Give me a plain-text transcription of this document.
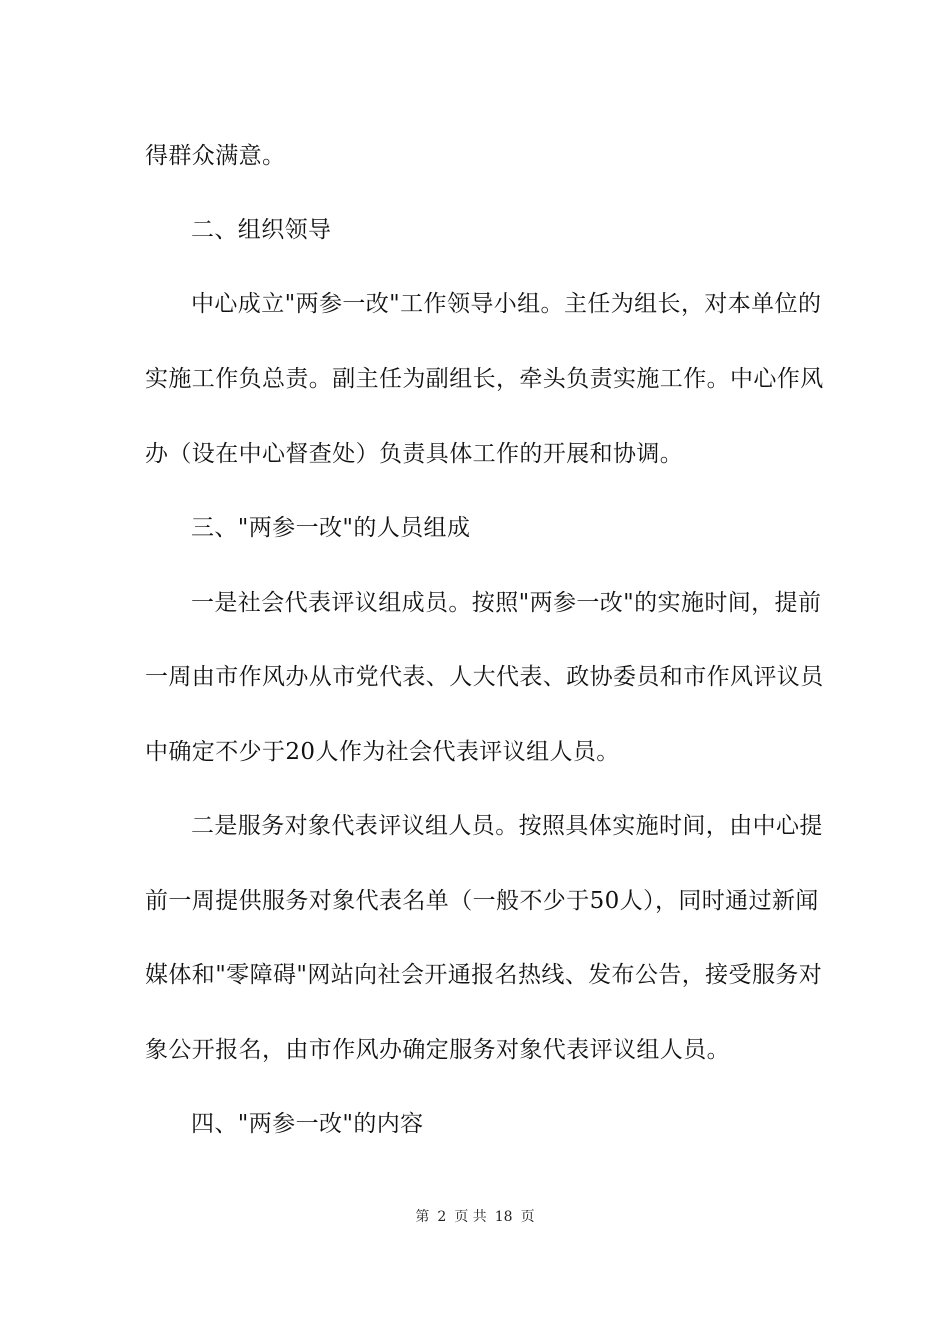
得群众满意。
二、组织领导
中心成立"两参一改"工作领导小组。主任为组长，对本单位的
实施工作负总责。副主任为副组长，牵头负责实施工作。中心作风
办（设在中心督查处）负责具体工作的开展和协调。
三、"两参一改"的人员组成
一是社会代表评议组成员。按照"两参一改"的实施时间，提前
一周由市作风办从市党代表、人大代表、政协委员和市作风评议员
中确定不少于20人作为社会代表评议组人员。
二是服务对象代表评议组人员。按照具体实施时间，由中心提
前一周提供服务对象代表名单（一般不少于50人），同时通过新闻
媒体和"零障碍"网站向社会开通报名热线、发布公告，接受服务对
象公开报名，由市作风办确定服务对象代表评议组人员。
四、"两参一改"的内容
第 2 页 共 18 页
